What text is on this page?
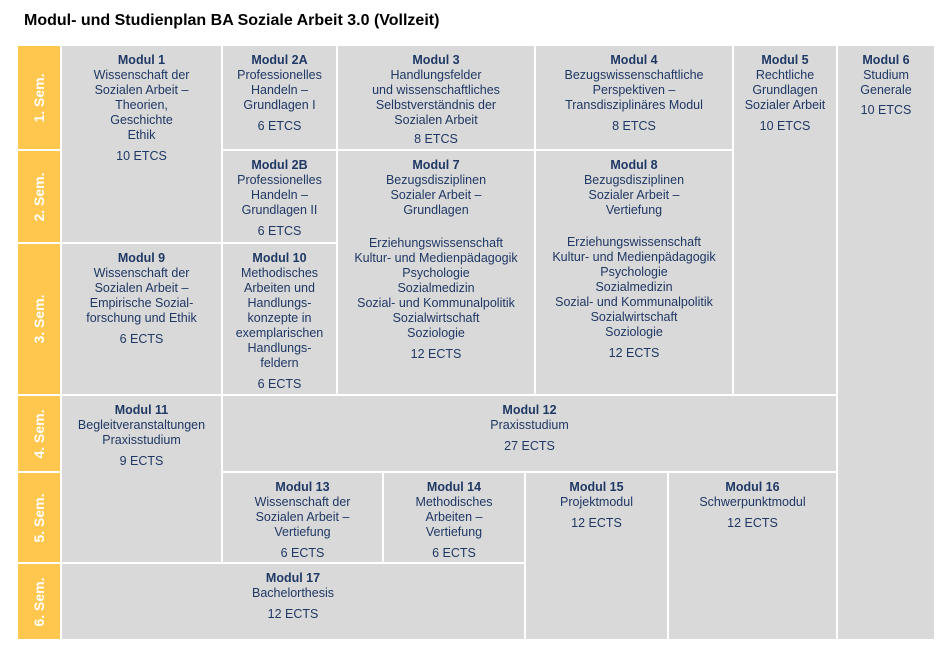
Modul- und Studienplan BA Soziale Arbeit 3.0 (Vollzeit)
1. Sem.
2. Sem.
3. Sem.
4. Sem.
5. Sem.
6. Sem.
Modul 1
Wissenschaft der
Sozialen Arbeit –
Theorien,
Geschichte
Ethik
10 ETCS
Modul 2A
Professionelles
Handeln –
Grundlagen I
6 ETCS
Modul 3
Handlungsfelder
und wissenschaftliches
Selbstverständnis der
Sozialen Arbeit
8 ETCS
Modul 4
Bezugswissenschaftliche
Perspektiven –
Transdisziplinäres Modul
8 ETCS
Modul 5
Rechtliche
Grundlagen
Sozialer Arbeit
10 ETCS
Modul 6
Studium
Generale
10 ETCS
Modul 2B
Professionelles
Handeln –
Grundlagen II
6 ETCS
Modul 7
Bezugsdisziplinen
Sozialer Arbeit –
Grundlagen
Erziehungswissenschaft
Kultur- und Medienpädagogik
Psychologie
Sozialmedizin
Sozial- und Kommunalpolitik
Sozialwirtschaft
Soziologie
12 ECTS
Modul 8
Bezugsdisziplinen
Sozialer Arbeit –
Vertiefung
Erziehungswissenschaft
Kultur- und Medienpädagogik
Psychologie
Sozialmedizin
Sozial- und Kommunalpolitik
Sozialwirtschaft
Soziologie
12 ECTS
Modul 9
Wissenschaft der
Sozialen Arbeit –
Empirische Sozial-
forschung und Ethik
6 ECTS
Modul 10
Methodisches
Arbeiten und
Handlungs-
konzepte in
exemplarischen
Handlungs-
feldern
6 ECTS
Modul 11
Begleitveranstaltungen
Praxisstudium
9 ECTS
Modul 12
Praxisstudium
27 ECTS
Modul 13
Wissenschaft der
Sozialen Arbeit –
Vertiefung
6 ECTS
Modul 14
Methodisches
Arbeiten –
Vertiefung
6 ECTS
Modul 15
Projektmodul
12 ECTS
Modul 16
Schwerpunktmodul
12 ECTS
Modul 17
Bachelorthesis
12 ECTS
